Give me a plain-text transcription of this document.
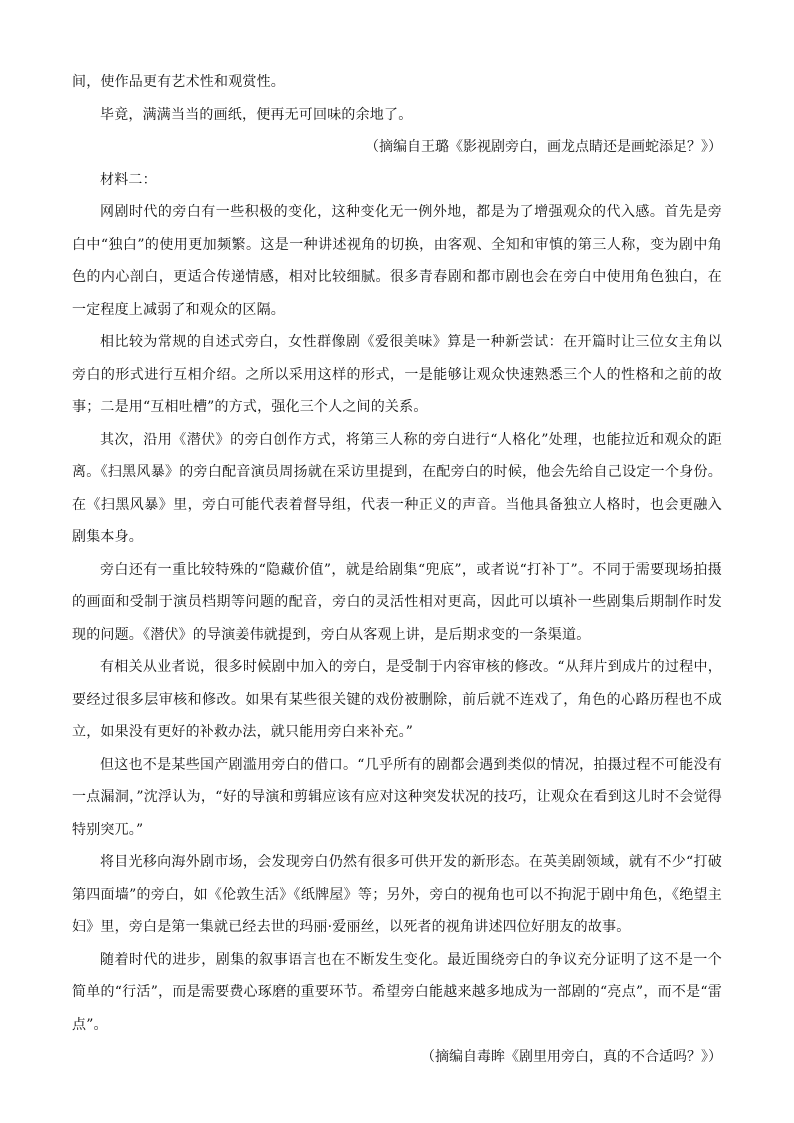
间，使作品更有艺术性和观赏性。

毕竟，满满当当的画纸，便再无可回味的余地了。

（摘编自王璐《影视剧旁白，画龙点睛还是画蛇添足？》）

材料二：

网剧时代的旁白有一些积极的变化，这种变化无一例外地，都是为了增强观众的代入感。首先是旁白中“独白”的使用更加频繁。这是一种讲述视角的切换，由客观、全知和审慎的第三人称，变为剧中角色的内心剖白，更适合传递情感，相对比较细腻。很多青春剧和都市剧也会在旁白中使用角色独白，在一定程度上减弱了和观众的区隔。

相比较为常规的自述式旁白，女性群像剧《爱很美味》算是一种新尝试：在开篇时让三位女主角以旁白的形式进行互相介绍。之所以采用这样的形式，一是能够让观众快速熟悉三个人的性格和之前的故事；二是用“互相吐槽”的方式，强化三个人之间的关系。

其次，沿用《潜伏》的旁白创作方式，将第三人称的旁白进行“人格化”处理，也能拉近和观众的距离。《扫黑风暴》的旁白配音演员周扬就在采访里提到，在配旁白的时候，他会先给自己设定一个身份。在《扫黑风暴》里，旁白可能代表着督导组，代表一种正义的声音。当他具备独立人格时，也会更融入剧集本身。

旁白还有一重比较特殊的“隐藏价值”，就是给剧集“兜底”，或者说“打补丁”。不同于需要现场拍摄的画面和受制于演员档期等问题的配音，旁白的灵活性相对更高，因此可以填补一些剧集后期制作时发现的问题。《潜伏》的导演姜伟就提到，旁白从客观上讲，是后期求变的一条渠道。

有相关从业者说，很多时候剧中加入的旁白，是受制于内容审核的修改。“从拜片到成片的过程中，要经过很多层审核和修改。如果有某些很关键的戏份被删除，前后就不连戏了，角色的心路历程也不成立，如果没有更好的补救办法，就只能用旁白来补充。”

但这也不是某些国产剧滥用旁白的借口。“几乎所有的剧都会遇到类似的情况，拍摄过程不可能没有一点漏洞，”沈浮认为，“好的导演和剪辑应该有应对这种突发状况的技巧，让观众在看到这儿时不会觉得特别突兀。”

将目光移向海外剧市场，会发现旁白仍然有很多可供开发的新形态。在英美剧领域，就有不少“打破第四面墙”的旁白，如《伦敦生活》《纸牌屋》等；另外，旁白的视角也可以不拘泥于剧中角色，《绝望主妇》里，旁白是第一集就已经去世的玛丽·爱丽丝，以死者的视角讲述四位好朋友的故事。

随着时代的进步，剧集的叙事语言也在不断发生变化。最近围绕旁白的争议充分证明了这不是一个简单的“行活”，而是需要费心琢磨的重要环节。希望旁白能越来越多地成为一部剧的“亮点”，而不是“雷点”。

（摘编自毒眸《剧里用旁白，真的不合适吗？》）
